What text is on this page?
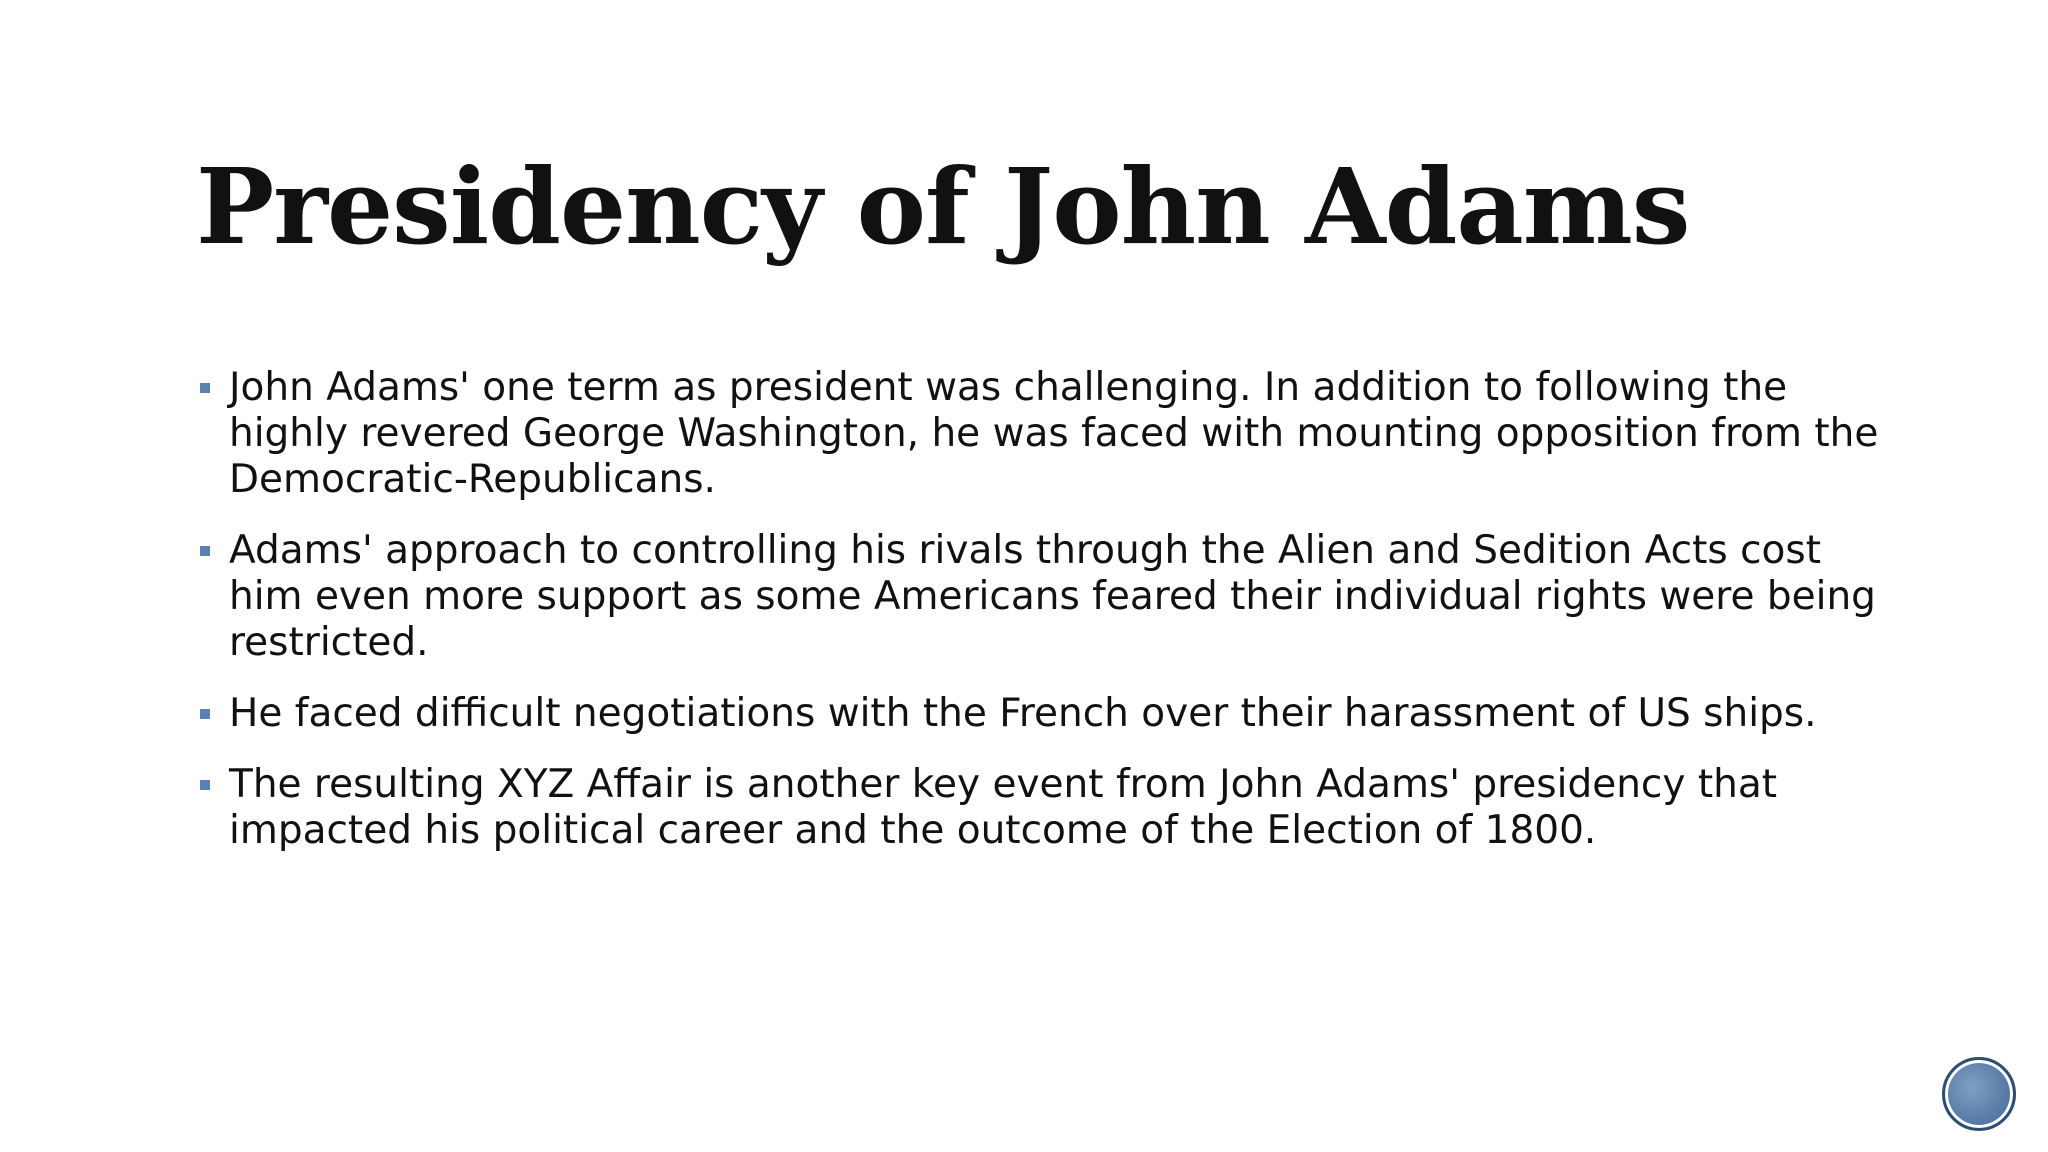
Presidency of John Adams
John Adams' one term as president was challenging. In addition to following the highly revered George Washington, he was faced with mounting opposition from the Democratic-Republicans.
Adams' approach to controlling his rivals through the Alien and Sedition Acts cost him even more support as some Americans feared their individual rights were being restricted.
He faced difficult negotiations with the French over their harassment of US ships.
The resulting XYZ Affair is another key event from John Adams' presidency that impacted his political career and the outcome of the Election of 1800.
